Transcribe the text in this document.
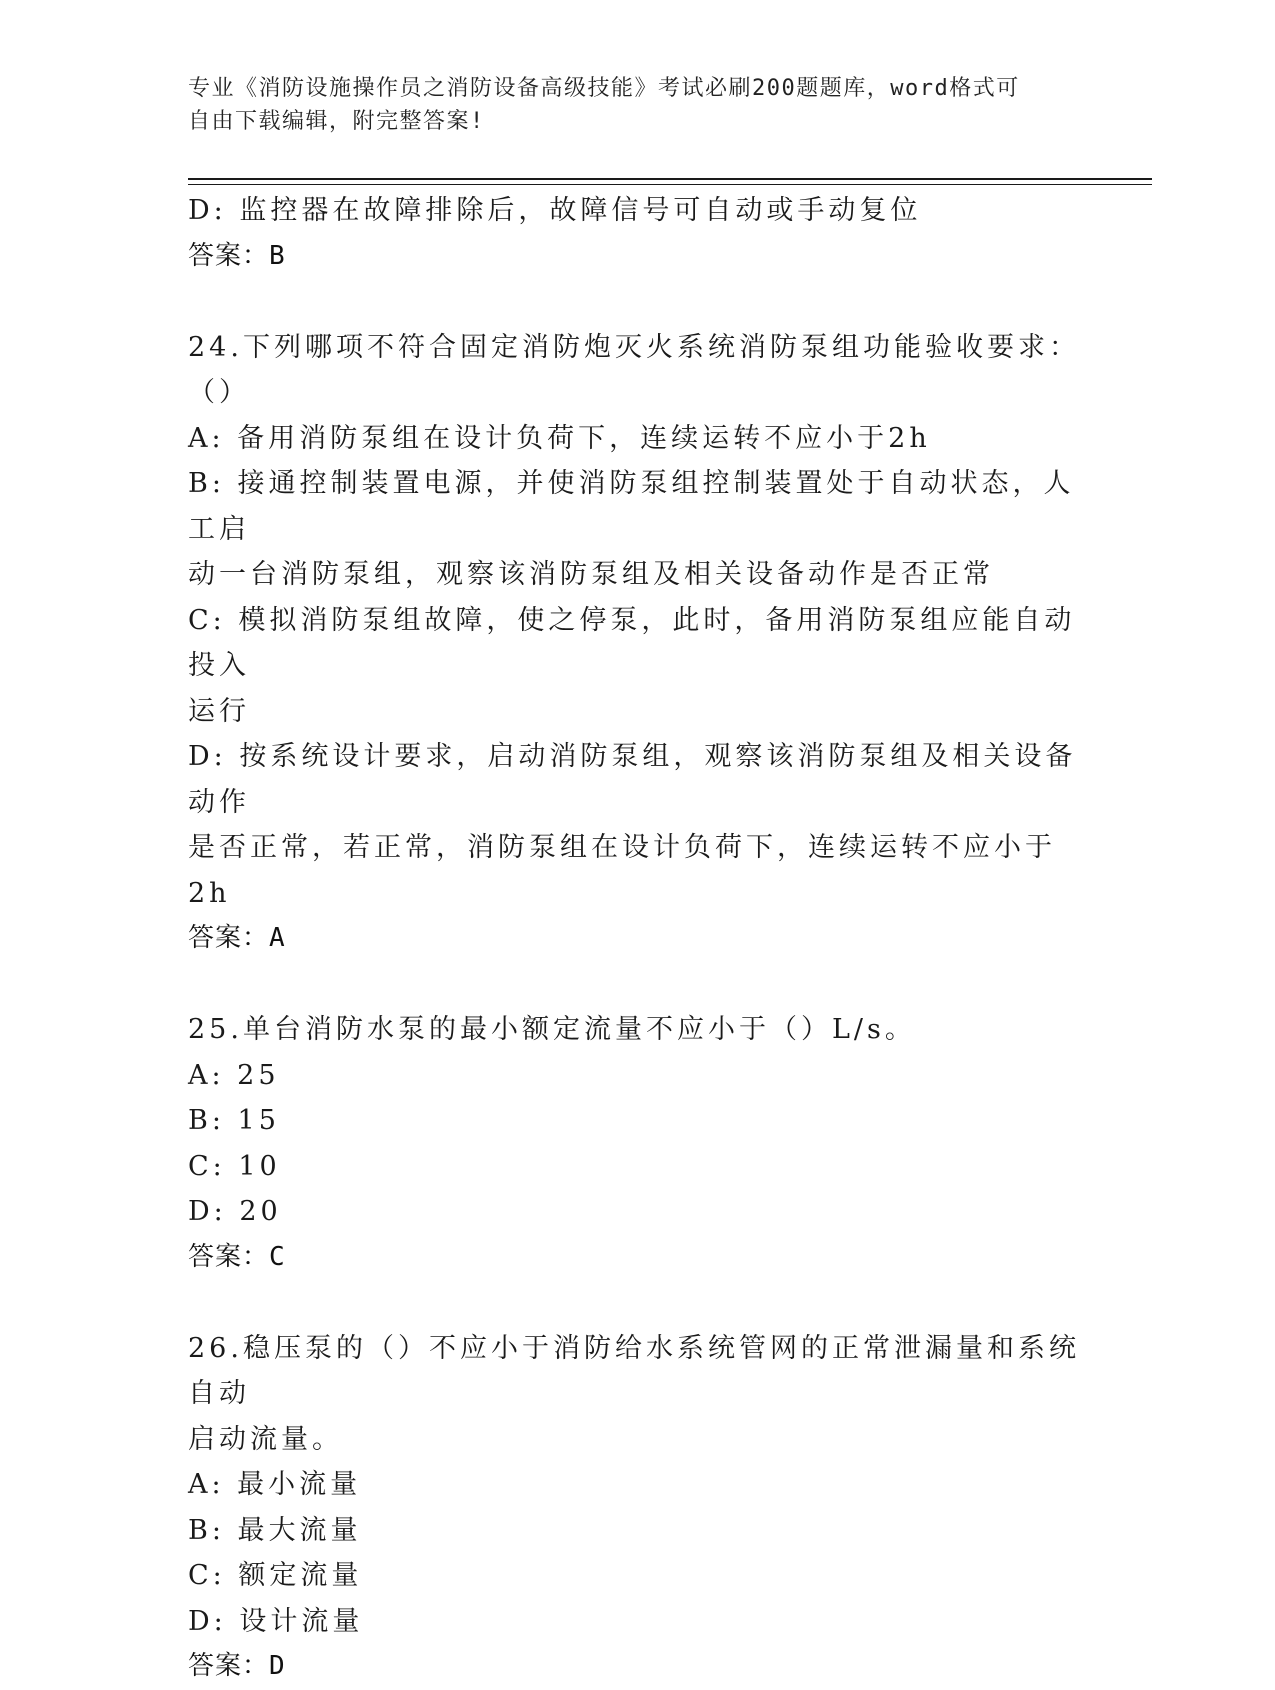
专业《消防设施操作员之消防设备高级技能》考试必刷200题题库，word格式可
自由下载编辑，附完整答案!
D: 监控器在故障排除后，故障信号可自动或手动复位
答案：B
24.下列哪项不符合固定消防炮灭火系统消防泵组功能验收要求：（）
A: 备用消防泵组在设计负荷下，连续运转不应小于2h
B: 接通控制装置电源，并使消防泵组控制装置处于自动状态，人工启
动一台消防泵组，观察该消防泵组及相关设备动作是否正常
C: 模拟消防泵组故障，使之停泵，此时，备用消防泵组应能自动投入
运行
D: 按系统设计要求，启动消防泵组，观察该消防泵组及相关设备动作
是否正常，若正常，消防泵组在设计负荷下，连续运转不应小于2h
答案：A
25.单台消防水泵的最小额定流量不应小于（）L/s。
A: 25
B: 15
C: 10
D: 20
答案：C
26.稳压泵的（）不应小于消防给水系统管网的正常泄漏量和系统自动
启动流量。
A: 最小流量
B: 最大流量
C: 额定流量
D: 设计流量
答案：D
